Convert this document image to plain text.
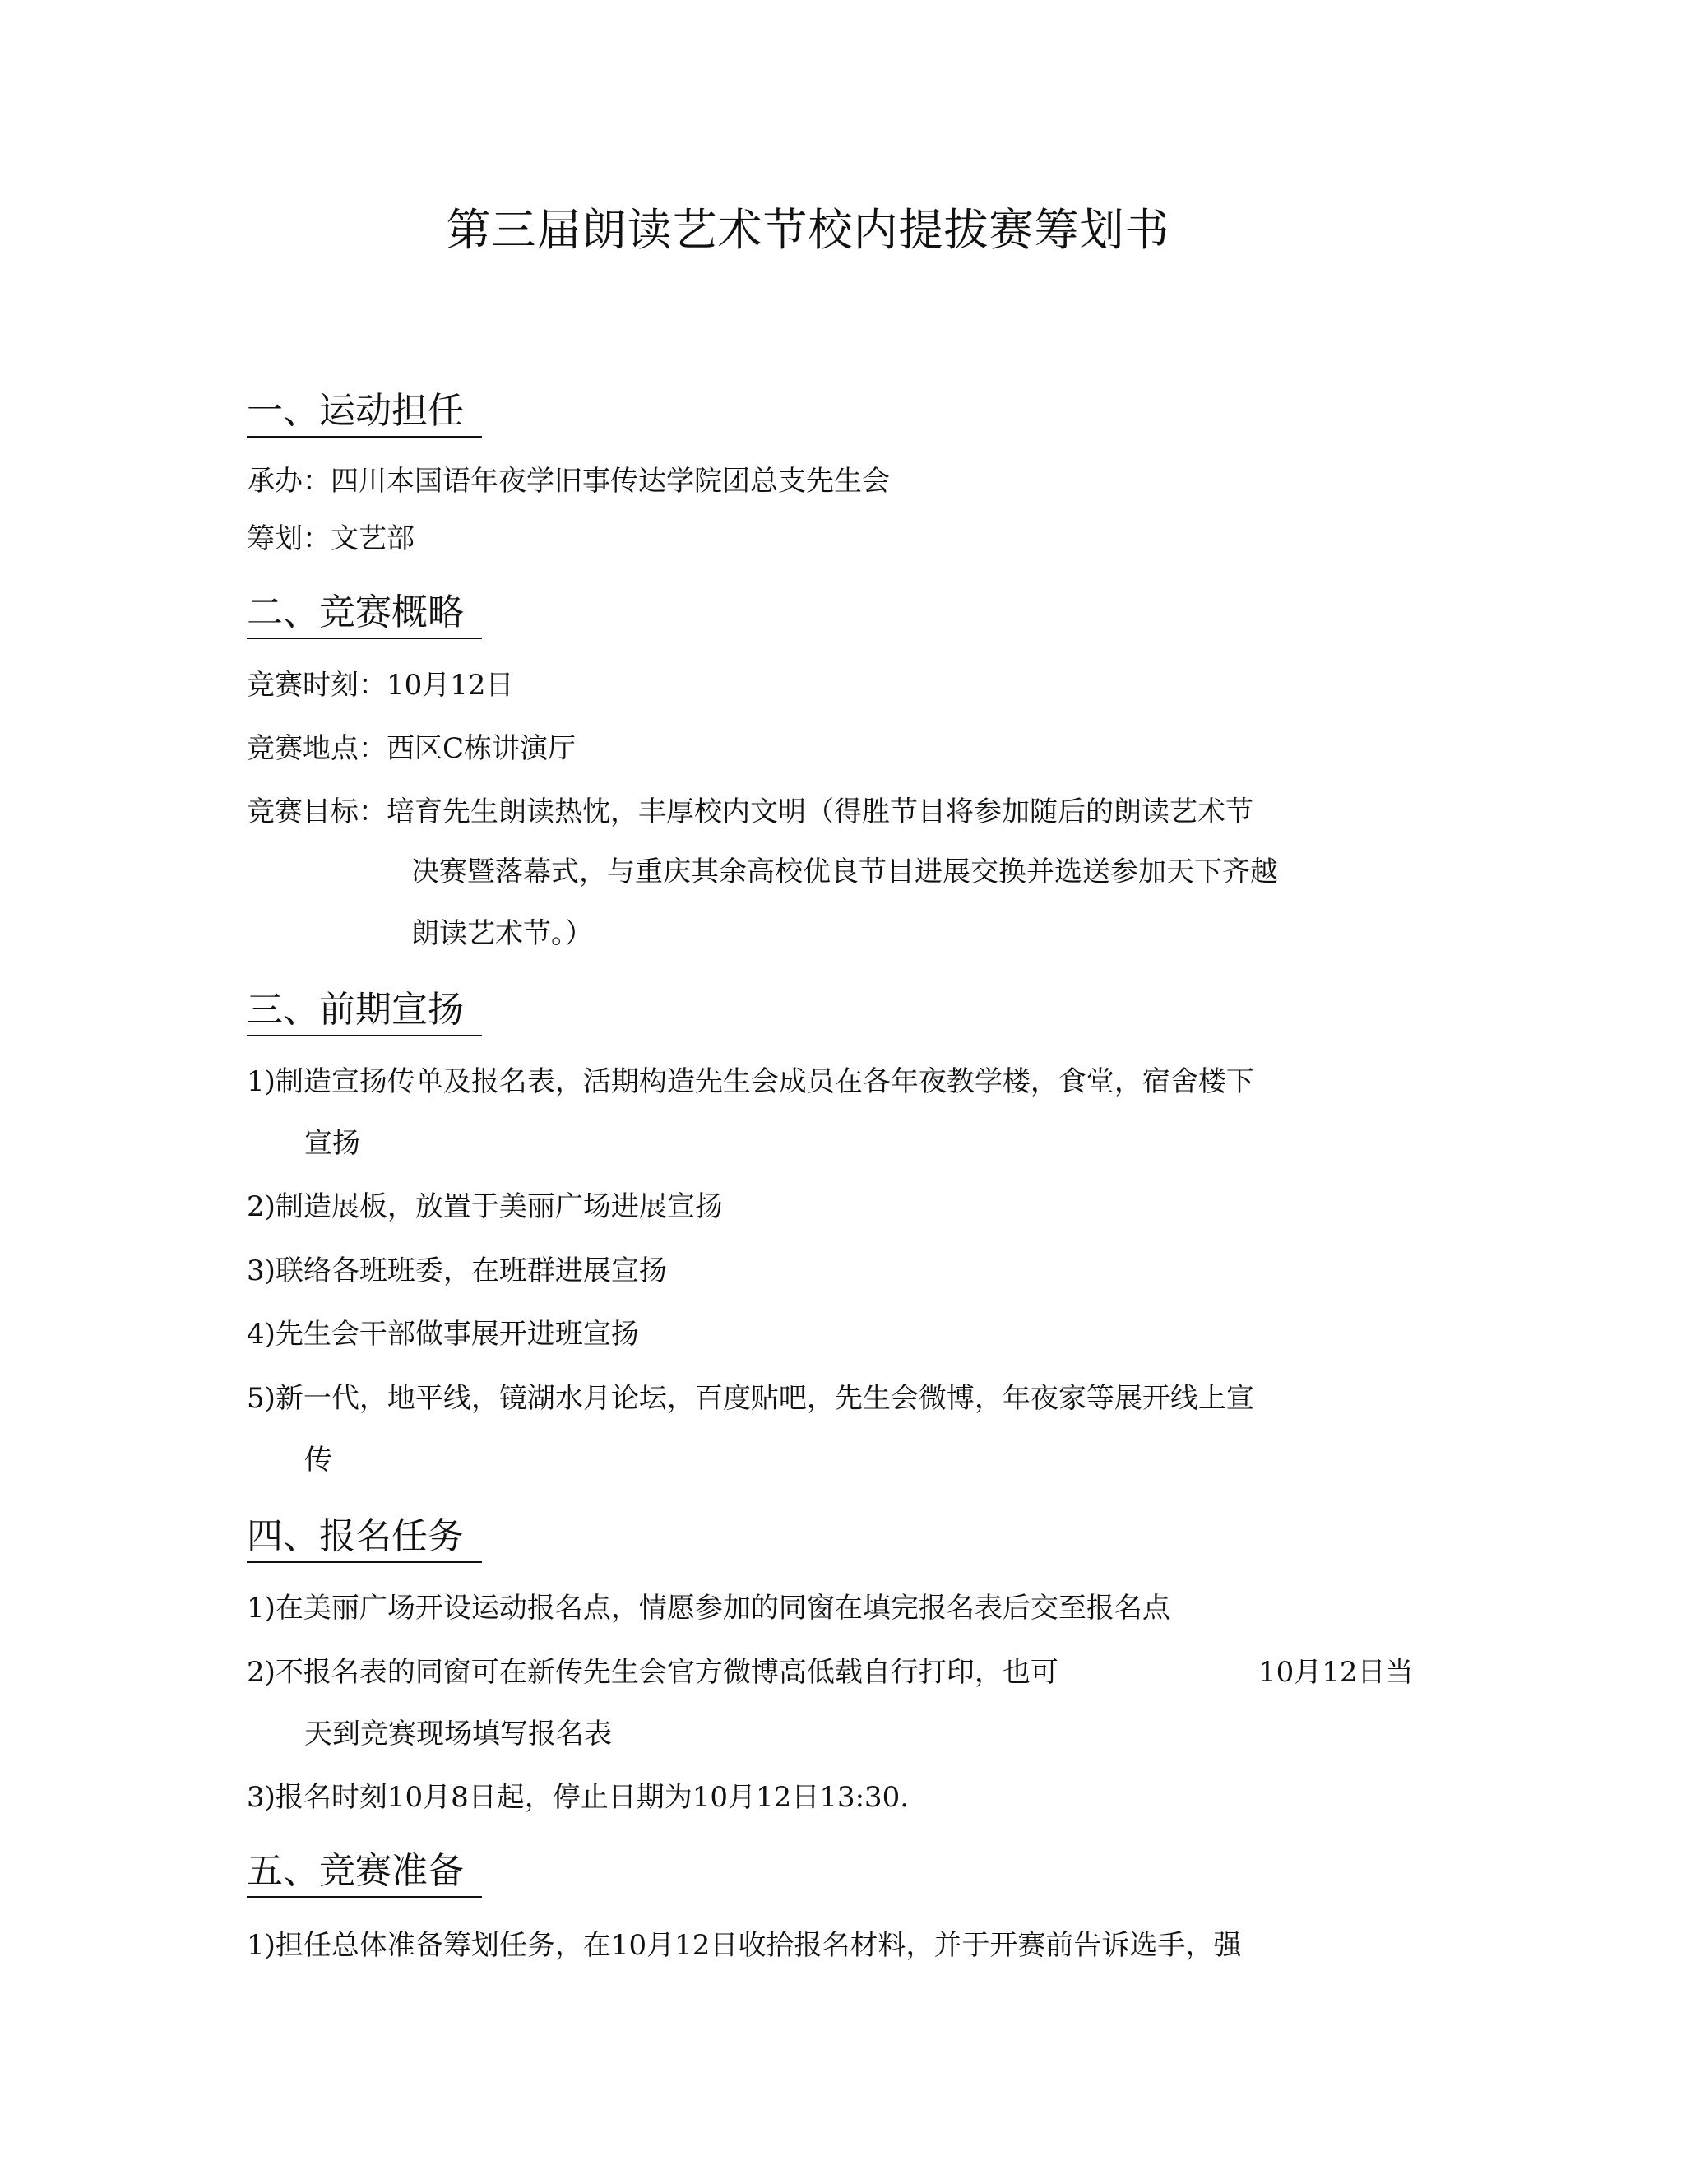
第三届朗读艺术节校内提拔赛筹划书
一、运动担任

承办：四川本国语年夜学旧事传达学院团总支先生会

筹划：文艺部

二、竞赛概略

竞赛时刻：10月12日

竞赛地点：西区C栋讲演厅

竞赛目标：培育先生朗读热忱，丰厚校内文明（得胜节目将参加随后的朗读艺术节

决赛暨落幕式，与重庆其余高校优良节目进展交换并选送参加天下齐越

朗读艺术节。）

三、前期宣扬

1)制造宣扬传单及报名表，活期构造先生会成员在各年夜教学楼，食堂，宿舍楼下

宣扬

2)制造展板，放置于美丽广场进展宣扬

3)联络各班班委，在班群进展宣扬

4)先生会干部做事展开进班宣扬

5)新一代，地平线，镜湖水月论坛，百度贴吧，先生会微博，年夜家等展开线上宣

传

四、报名任务

1)在美丽广场开设运动报名点，情愿参加的同窗在填完报名表后交至报名点

2)不报名表的同窗可在新传先生会官方微博高低载自行打印，也可	10月12日当

天到竞赛现场填写报名表

3)报名时刻10月8日起，停止日期为10月12日13:30.

五、竞赛准备

1)担任总体准备筹划任务，在10月12日收拾报名材料，并于开赛前告诉选手，强
